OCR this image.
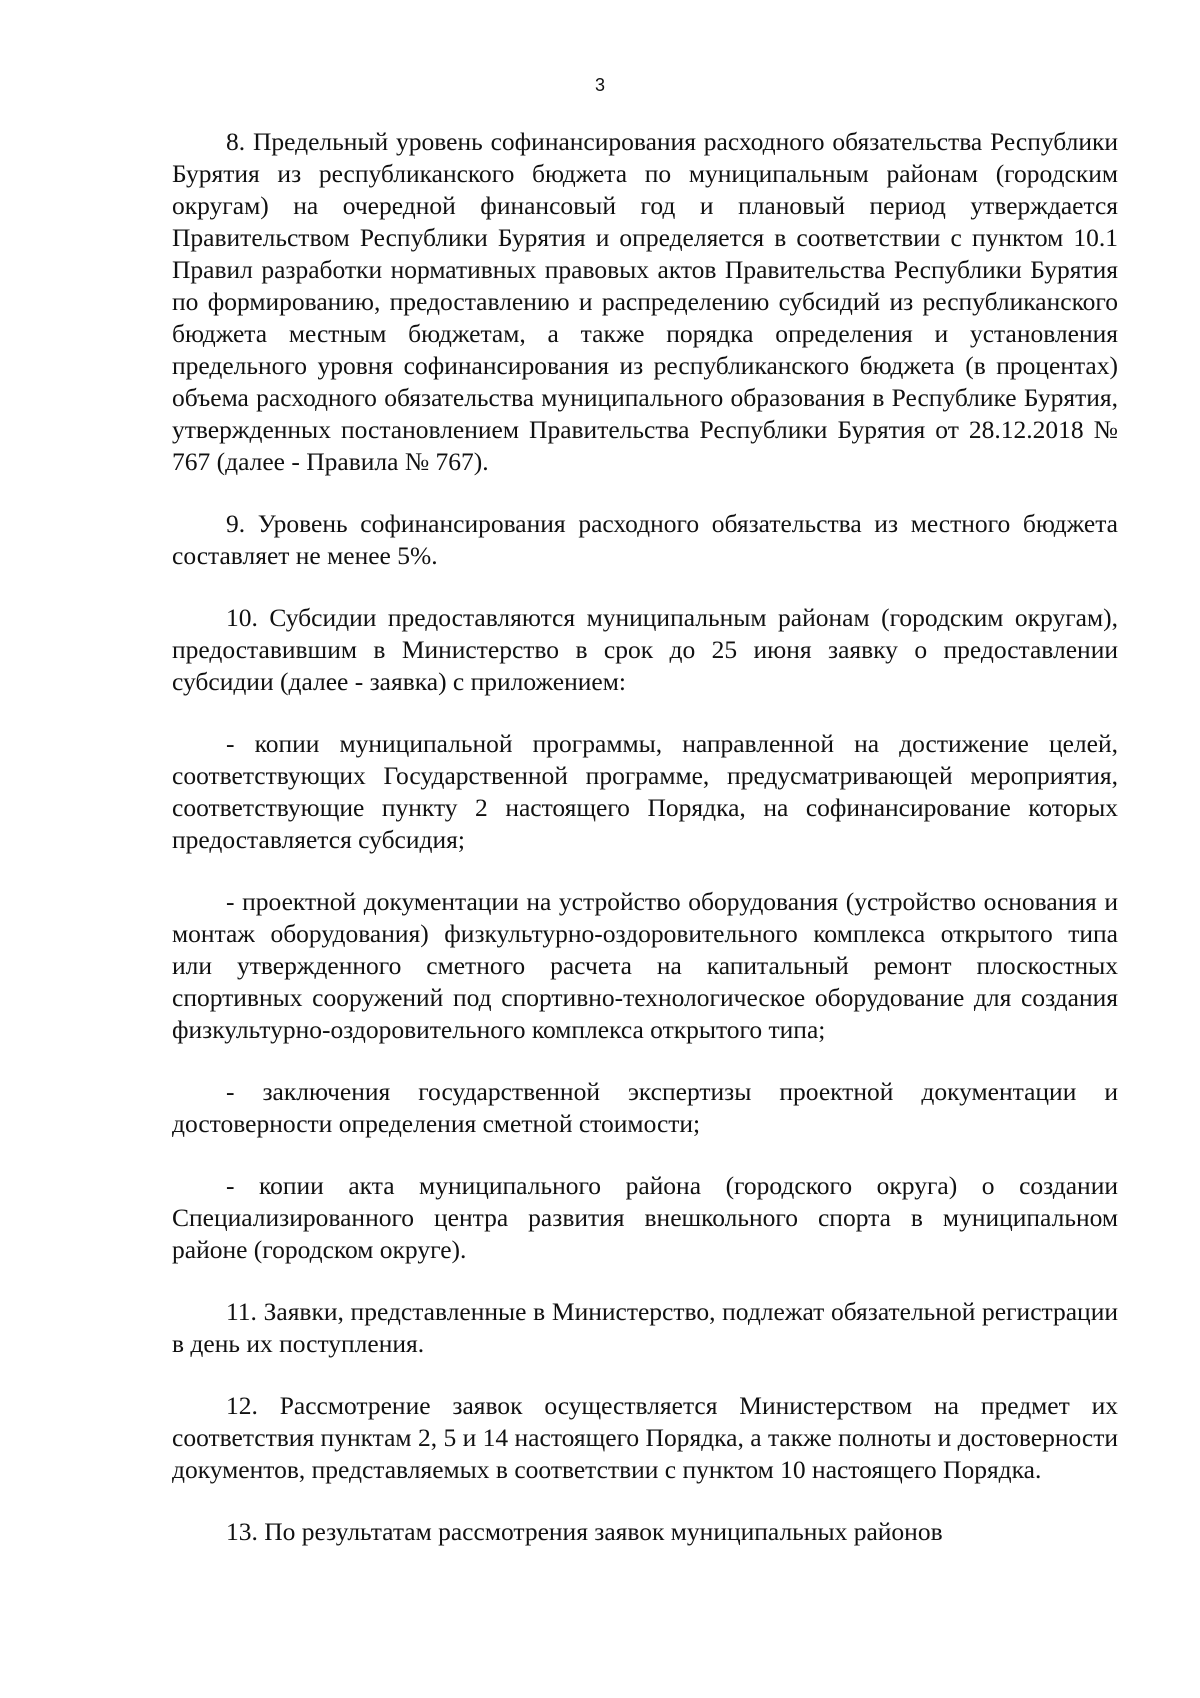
3

8. Предельный уровень софинансирования расходного обязательства Республики Бурятия из республиканского бюджета по муниципальным районам (городским округам) на очередной финансовый год и плановый период утверждается Правительством Республики Бурятия и определяется в соответствии с пунктом 10.1 Правил разработки нормативных правовых актов Правительства Республики Бурятия по формированию, предоставлению и распределению субсидий из республиканского бюджета местным бюджетам, а также порядка определения и установления предельного уровня софинансирования из республиканского бюджета (в процентах) объема расходного обязательства муниципального образования в Республике Бурятия, утвержденных постановлением Правительства Республики Бурятия от 28.12.2018 № 767 (далее - Правила № 767).

9. Уровень софинансирования расходного обязательства из местного бюджета составляет не менее 5%.

10. Субсидии предоставляются муниципальным районам (городским округам), предоставившим в Министерство в срок до 25 июня заявку о предоставлении субсидии (далее - заявка) с приложением:

- копии муниципальной программы, направленной на достижение целей, соответствующих Государственной программе, предусматривающей мероприятия, соответствующие пункту 2 настоящего Порядка, на софинансирование которых предоставляется субсидия;

- проектной документации на устройство оборудования (устройство основания и монтаж оборудования) физкультурно-оздоровительного комплекса открытого типа или утвержденного сметного расчета на капитальный ремонт плоскостных спортивных сооружений под спортивно-технологическое оборудование для создания физкультурно-оздоровительного комплекса открытого типа;

- заключения государственной экспертизы проектной документации и достоверности определения сметной стоимости;

- копии акта муниципального района (городского округа) о создании Специализированного центра развития внешкольного спорта в муниципальном районе (городском округе).

11. Заявки, представленные в Министерство, подлежат обязательной регистрации в день их поступления.

12. Рассмотрение заявок осуществляется Министерством на предмет их соответствия пунктам 2, 5 и 14 настоящего Порядка, а также полноты и достоверности документов, представляемых в соответствии с пунктом 10 настоящего Порядка.

13. По результатам рассмотрения заявок муниципальных районов
